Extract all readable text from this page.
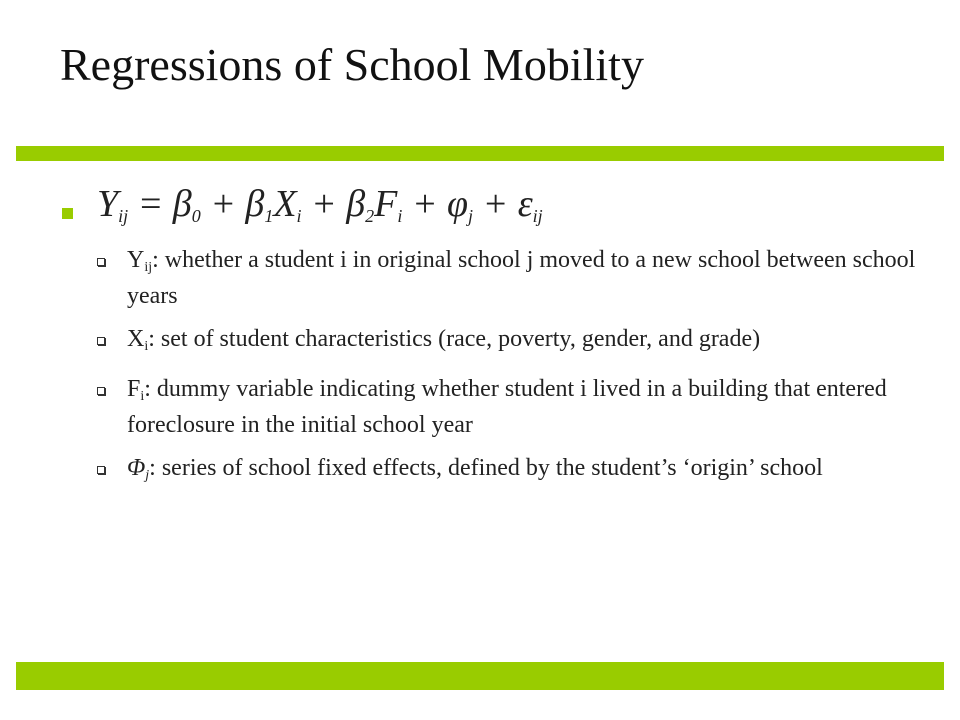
Regressions of School Mobility
$Y_{ij} = \beta_0 + \beta_1X_i + \beta_2F_i + \varphi_j + \varepsilon_{ij}$
$Y_{ij}$: whether a student i in original school j moved to a new school between school years
$X_i$: set of student characteristics (race, poverty, gender, and grade)
$F_i$: dummy variable indicating whether student i lived in a building that entered foreclosure in the initial school year
$\Phi_j$: series of school fixed effects, defined by the student’s ‘origin’ school
